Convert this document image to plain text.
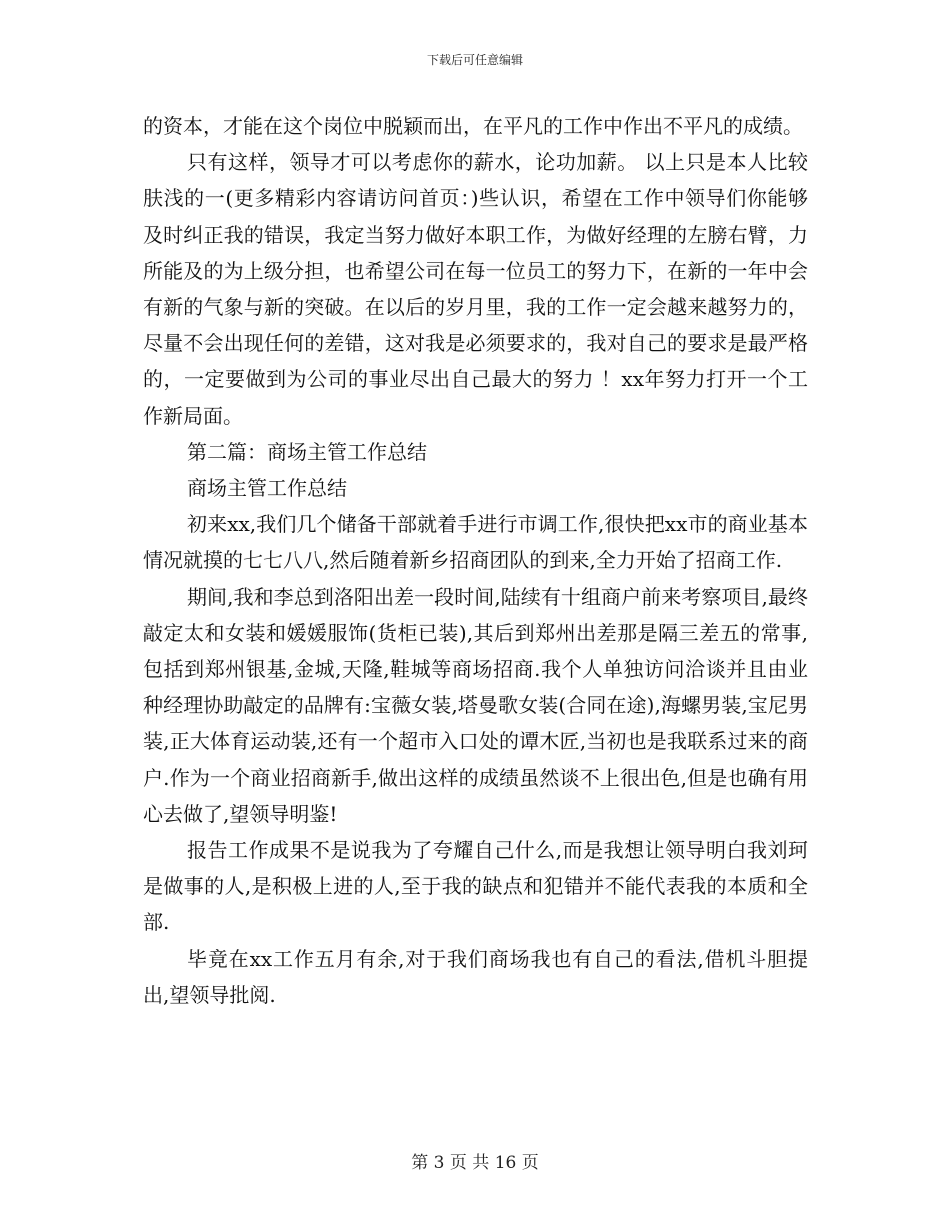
下载后可任意编辑

的资本，才能在这个岗位中脱颖而出，在平凡的工作中作出不平凡的成绩。

只有这样，领导才可以考虑你的薪水，论功加薪。 以上只是本人比较肤浅的一(更多精彩内容请访问首页：)些认识，希望在工作中领导们你能够及时纠正我的错误，我定当努力做好本职工作，为做好经理的左膀右臂，力所能及的为上级分担，也希望公司在每一位员工的努力下，在新的一年中会有新的气象与新的突破。在以后的岁月里，我的工作一定会越来越努力的，尽量不会出现任何的差错，这对我是必须要求的，我对自己的要求是最严格的，一定要做到为公司的事业尽出自己最大的努力 ！xx年努力打开一个工作新局面。

第二篇：商场主管工作总结

商场主管工作总结

初来xx,我们几个储备干部就着手进行市调工作,很快把xx市的商业基本情况就摸的七七八八,然后随着新乡招商团队的到来,全力开始了招商工作.

期间,我和李总到洛阳出差一段时间,陆续有十组商户前来考察项目,最终敲定太和女装和媛媛服饰(货柜已装),其后到郑州出差那是隔三差五的常事,包括到郑州银基,金城,天隆,鞋城等商场招商.我个人单独访问洽谈并且由业种经理协助敲定的品牌有:宝薇女装,塔曼歌女装(合同在途),海螺男装,宝尼男装,正大体育运动装,还有一个超市入口处的谭木匠,当初也是我联系过来的商户.作为一个商业招商新手,做出这样的成绩虽然谈不上很出色,但是也确有用心去做了,望领导明鉴!

报告工作成果不是说我为了夸耀自己什么,而是我想让领导明白我刘珂是做事的人,是积极上进的人,至于我的缺点和犯错并不能代表我的本质和全部.

毕竟在xx工作五月有余,对于我们商场我也有自己的看法,借机斗胆提出,望领导批阅.

第 3 页 共 16 页
